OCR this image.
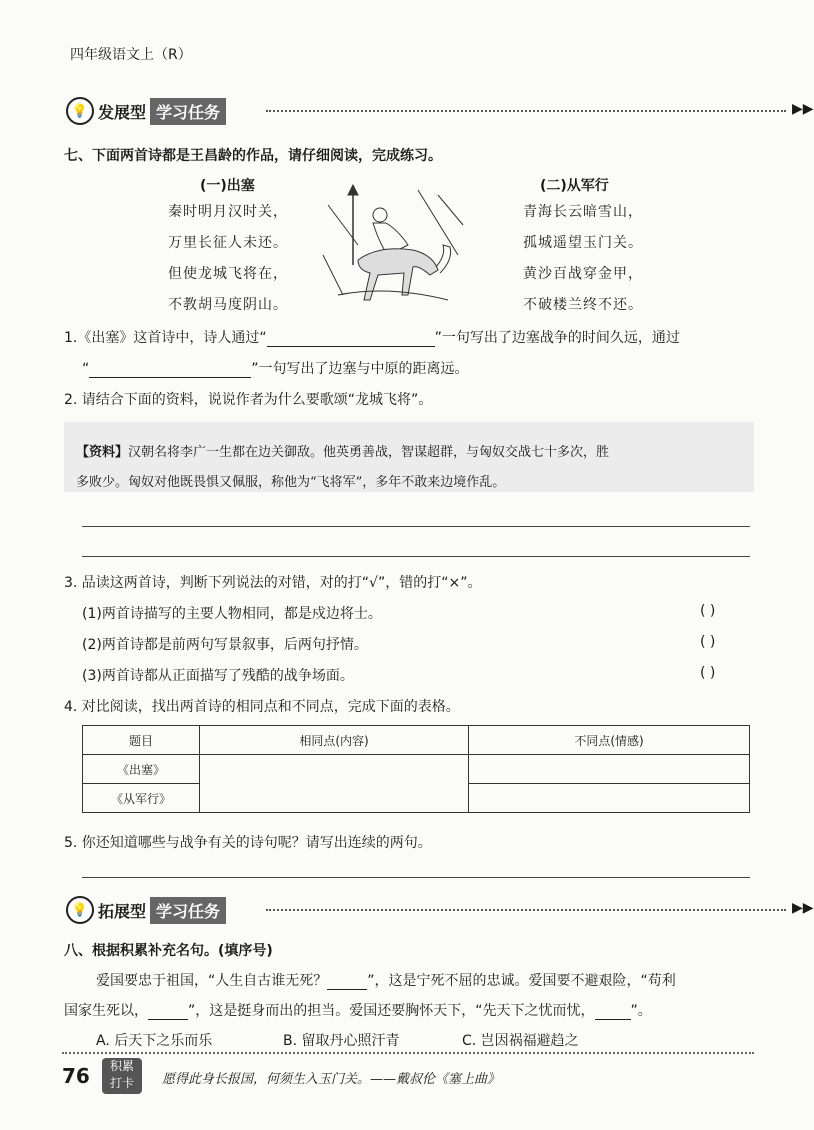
四年级语文上（R）
💡 发展型 学习任务	▶▶
七、下面两首诗都是王昌龄的作品，请仔细阅读，完成练习。
(一)出塞
秦时明月汉时关，
万里长征人未还。
但使龙城飞将在，
不教胡马度阴山。
(二)从军行
青海长云暗雪山，
孤城遥望玉门关。
黄沙百战穿金甲，
不破楼兰终不还。
1.《出塞》这首诗中，诗人通过“	”一句写出了边塞战争的时间久远，通过
“	”一句写出了边塞与中原的距离远。
2. 请结合下面的资料，说说作者为什么要歌颂“龙城飞将”。
【资料】汉朝名将李广一生都在边关御敌。他英勇善战，智谋超群，与匈奴交战七十多次，胜
多败少。匈奴对他既畏惧又佩服，称他为“飞将军”，多年不敢来边境作乱。
3. 品读这两首诗，判断下列说法的对错，对的打“√”，错的打“×”。
(1)两首诗描写的主要人物相同，都是戍边将士。	( )
(2)两首诗都是前两句写景叙事，后两句抒情。	( )
(3)两首诗都从正面描写了残酷的战争场面。	( )
4. 对比阅读，找出两首诗的相同点和不同点，完成下面的表格。
题目	相同点(内容)	不同点(情感)
《出塞》		
《从军行》		
5. 你还知道哪些与战争有关的诗句呢？请写出连续的两句。
💡 拓展型 学习任务	▶▶
八、根据积累补充名句。(填序号)
爱国要忠于祖国，“人生自古谁无死？	”，这是宁死不屈的忠诚。爱国要不避艰险，“苟利
国家生死以，	”，这是挺身而出的担当。爱国还要胸怀天下，“先天下之忧而忧，	”。
A. 后天下之乐而乐	B. 留取丹心照汗青	C. 岂因祸福避趋之
76	积累
打卡	愿得此身长报国，何须生入玉门关。——戴叔伦《塞上曲》
